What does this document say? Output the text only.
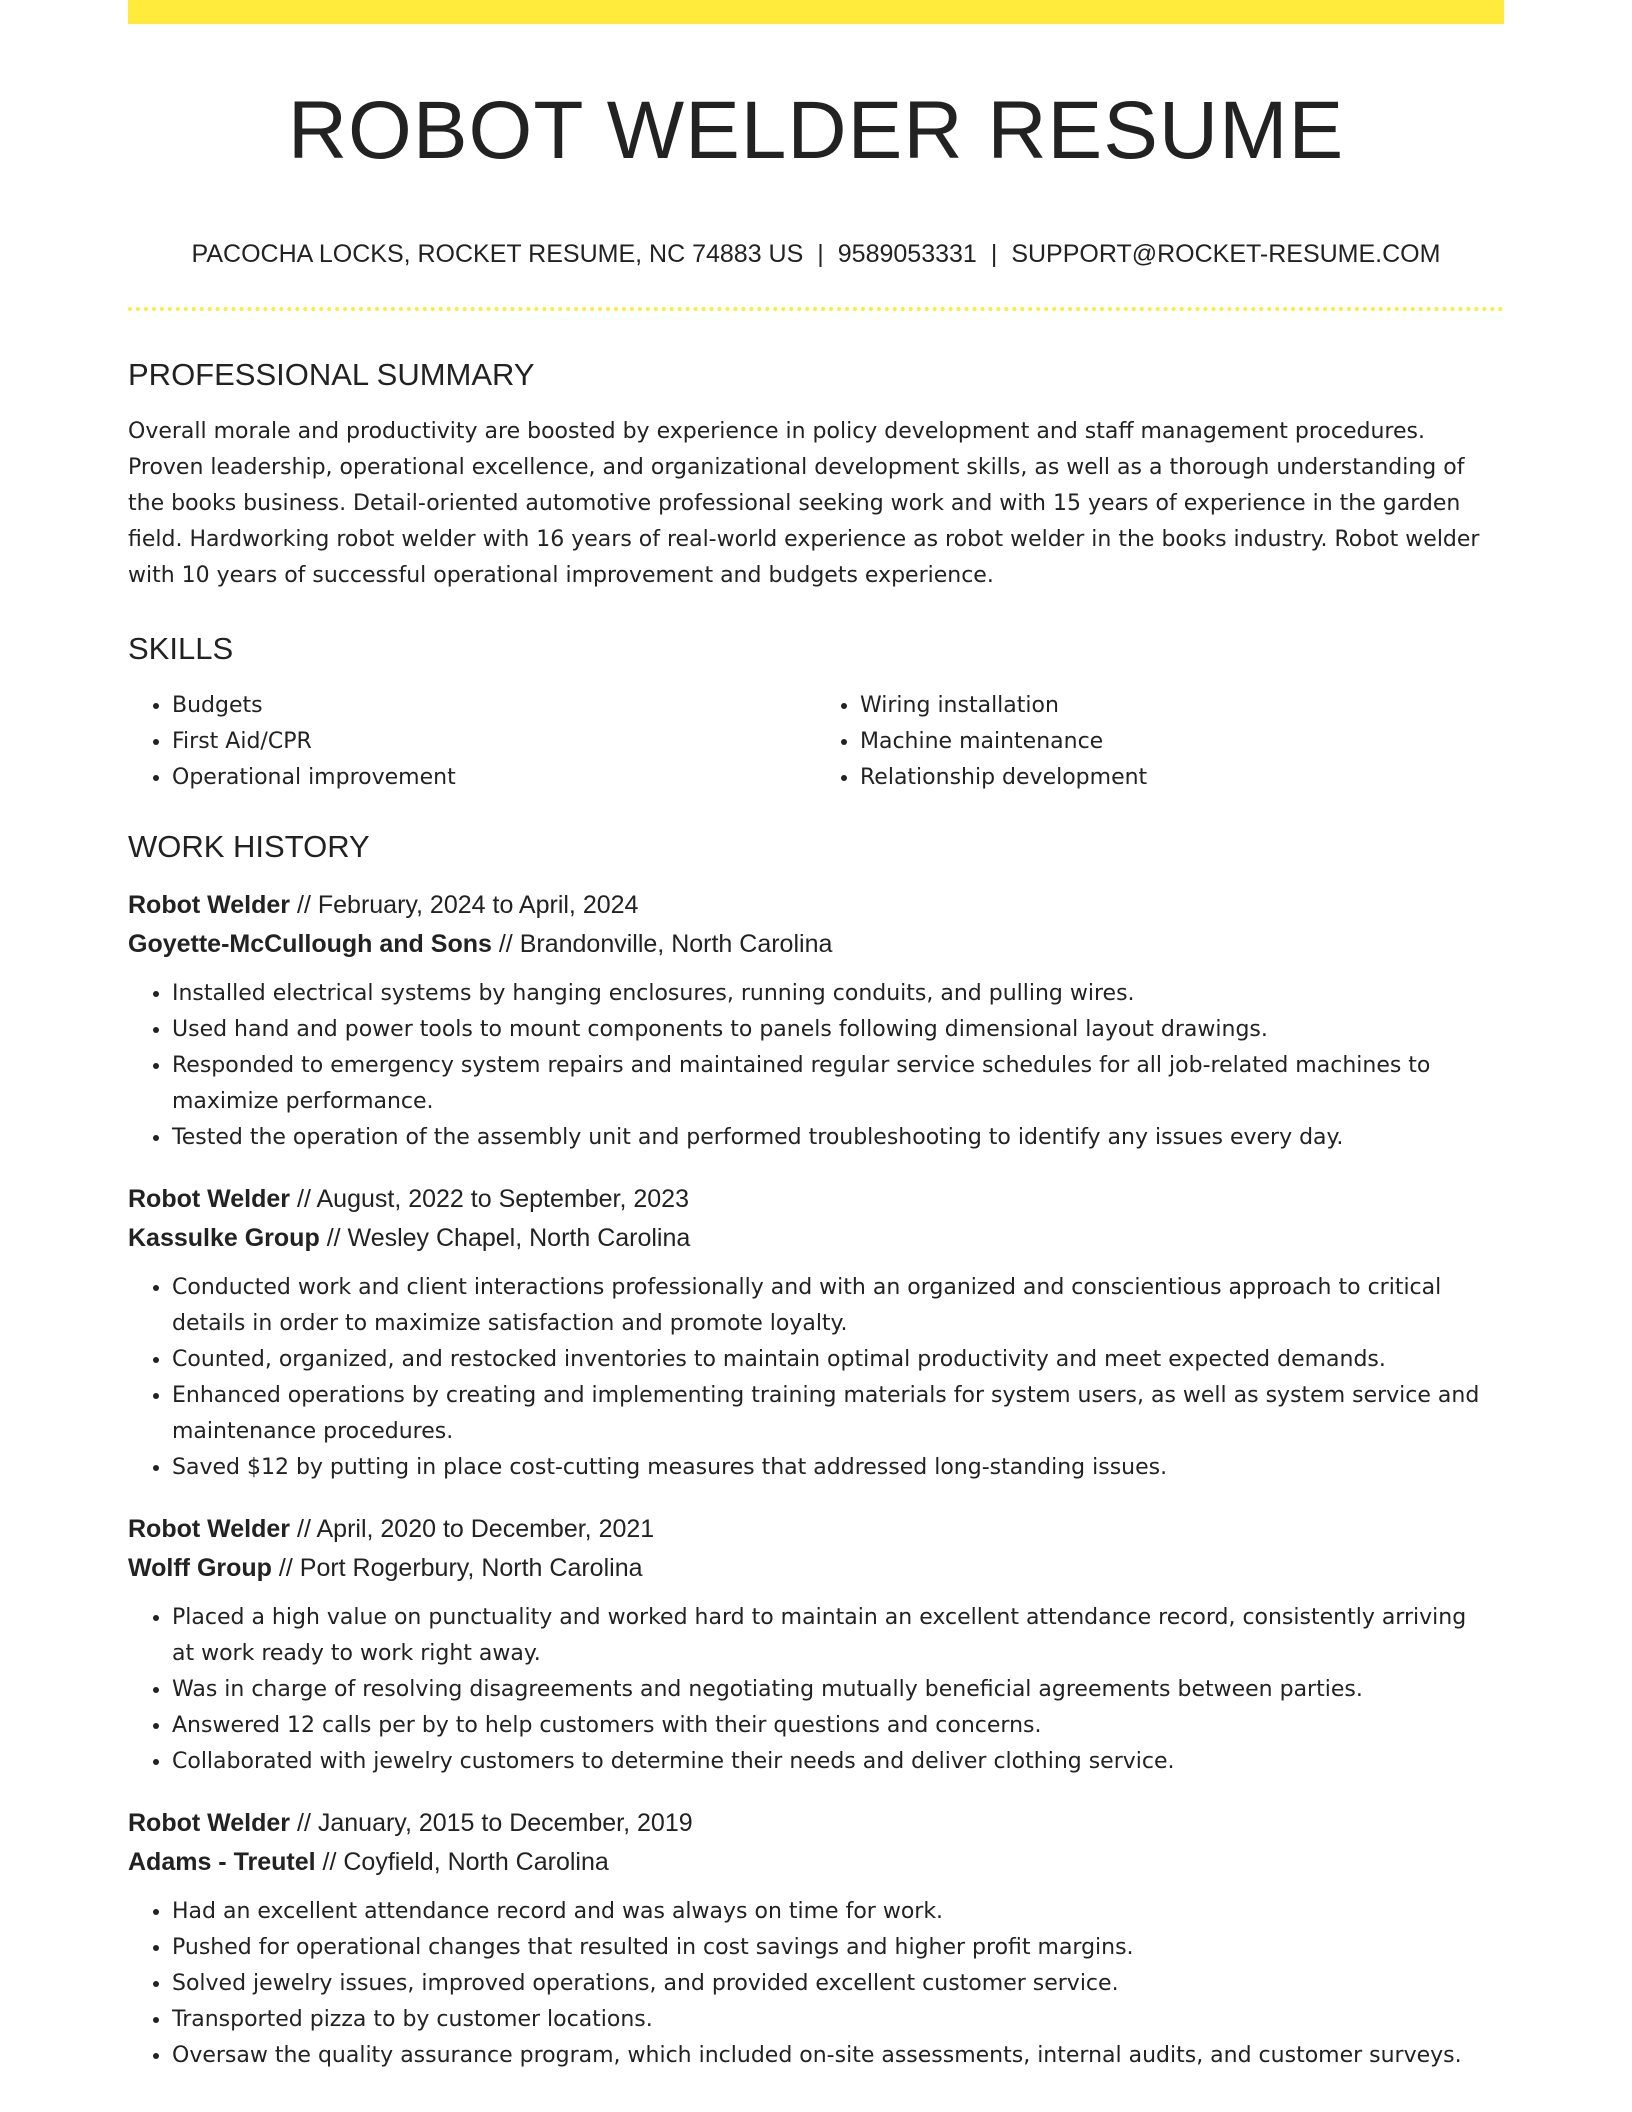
ROBOT WELDER RESUME
PACOCHA LOCKS, ROCKET RESUME, NC 74883 US | 9589053331 | SUPPORT@ROCKET-RESUME.COM
PROFESSIONAL SUMMARY

Overall morale and productivity are boosted by experience in policy development and staff management procedures. Proven leadership, operational excellence, and organizational development skills, as well as a thorough understanding of the books business. Detail-oriented automotive professional seeking work and with 15 years of experience in the garden field. Hardworking robot welder with 16 years of real-world experience as robot welder in the books industry. Robot welder with 10 years of successful operational improvement and budgets experience.

SKILLS
• Budgets
• First Aid/CPR
• Operational improvement
• Wiring installation
• Machine maintenance
• Relationship development
WORK HISTORY
Robot Welder // February, 2024 to April, 2024
Goyette-McCullough and Sons // Brandonville, North Carolina
• Installed electrical systems by hanging enclosures, running conduits, and pulling wires.
• Used hand and power tools to mount components to panels following dimensional layout drawings.
• Responded to emergency system repairs and maintained regular service schedules for all job-related machines to maximize performance.
• Tested the operation of the assembly unit and performed troubleshooting to identify any issues every day.
Robot Welder // August, 2022 to September, 2023
Kassulke Group // Wesley Chapel, North Carolina
• Conducted work and client interactions professionally and with an organized and conscientious approach to critical details in order to maximize satisfaction and promote loyalty.
• Counted, organized, and restocked inventories to maintain optimal productivity and meet expected demands.
• Enhanced operations by creating and implementing training materials for system users, as well as system service and maintenance procedures.
• Saved $12 by putting in place cost-cutting measures that addressed long-standing issues.
Robot Welder // April, 2020 to December, 2021
Wolff Group // Port Rogerbury, North Carolina
• Placed a high value on punctuality and worked hard to maintain an excellent attendance record, consistently arriving at work ready to work right away.
• Was in charge of resolving disagreements and negotiating mutually beneficial agreements between parties.
• Answered 12 calls per by to help customers with their questions and concerns.
• Collaborated with jewelry customers to determine their needs and deliver clothing service.
Robot Welder // January, 2015 to December, 2019
Adams - Treutel // Coyfield, North Carolina
• Had an excellent attendance record and was always on time for work.
• Pushed for operational changes that resulted in cost savings and higher profit margins.
• Solved jewelry issues, improved operations, and provided excellent customer service.
• Transported pizza to by customer locations.
• Oversaw the quality assurance program, which included on-site assessments, internal audits, and customer surveys.
